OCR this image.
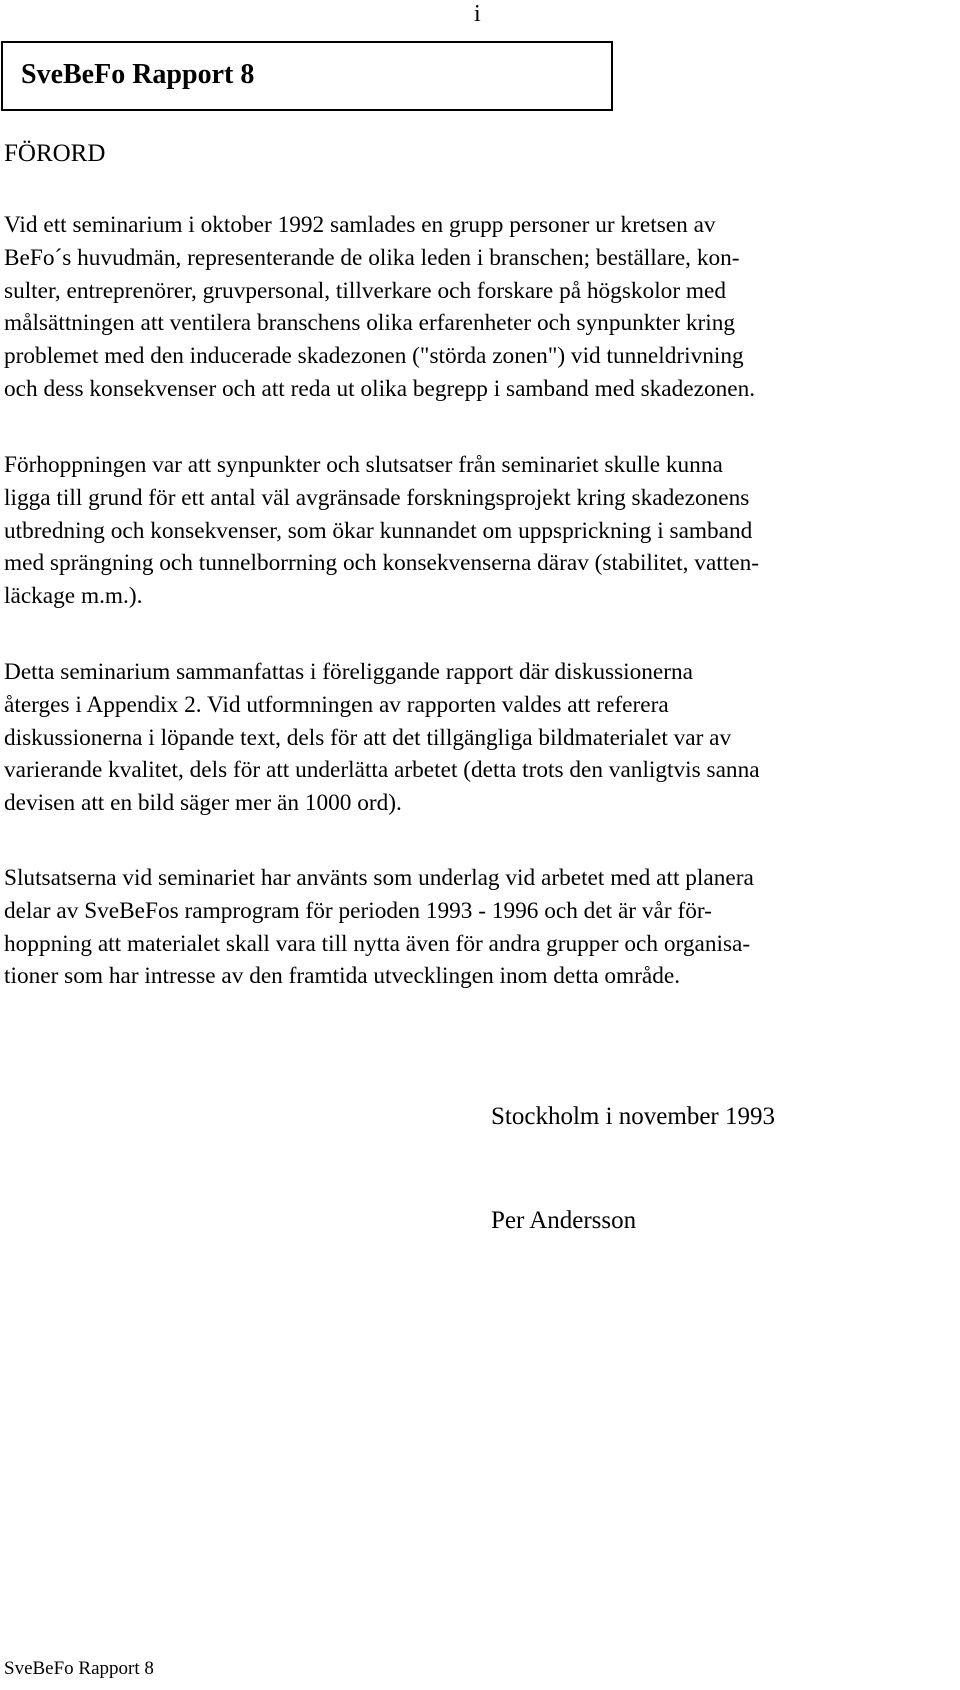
i
SveBeFo Rapport 8
FÖRORD

Vid ett seminarium i oktober 1992 samlades en grupp personer ur kretsen av
BeFo´s huvudmän, representerande de olika leden i branschen; beställare, kon-
sulter, entreprenörer, gruvpersonal, tillverkare och forskare på högskolor med
målsättningen att ventilera branschens olika erfarenheter och synpunkter kring
problemet med den inducerade skadezonen ("störda zonen") vid tunneldrivning
och dess konsekvenser och att reda ut olika begrepp i samband med skadezonen.

Förhoppningen var att synpunkter och slutsatser från seminariet skulle kunna
ligga till grund för ett antal väl avgränsade forskningsprojekt kring skadezonens
utbredning och konsekvenser, som ökar kunnandet om uppsprickning i samband
med sprängning och tunnelborrning och konsekvenserna därav (stabilitet, vatten-
läckage m.m.).

Detta seminarium sammanfattas i föreliggande rapport där diskussionerna
återges i Appendix 2. Vid utformningen av rapporten valdes att referera
diskussionerna i löpande text, dels för att det tillgängliga bildmaterialet var av
varierande kvalitet, dels för att underlätta arbetet (detta trots den vanligtvis sanna
devisen att en bild säger mer än 1000 ord).

Slutsatserna vid seminariet har använts som underlag vid arbetet med att planera
delar av SveBeFos ramprogram för perioden 1993 - 1996 och det är vår för-
hoppning att materialet skall vara till nytta även för andra grupper och organisa-
tioner som har intresse av den framtida utvecklingen inom detta område.

Stockholm i november 1993
Per Andersson
SveBeFo Rapport 8
